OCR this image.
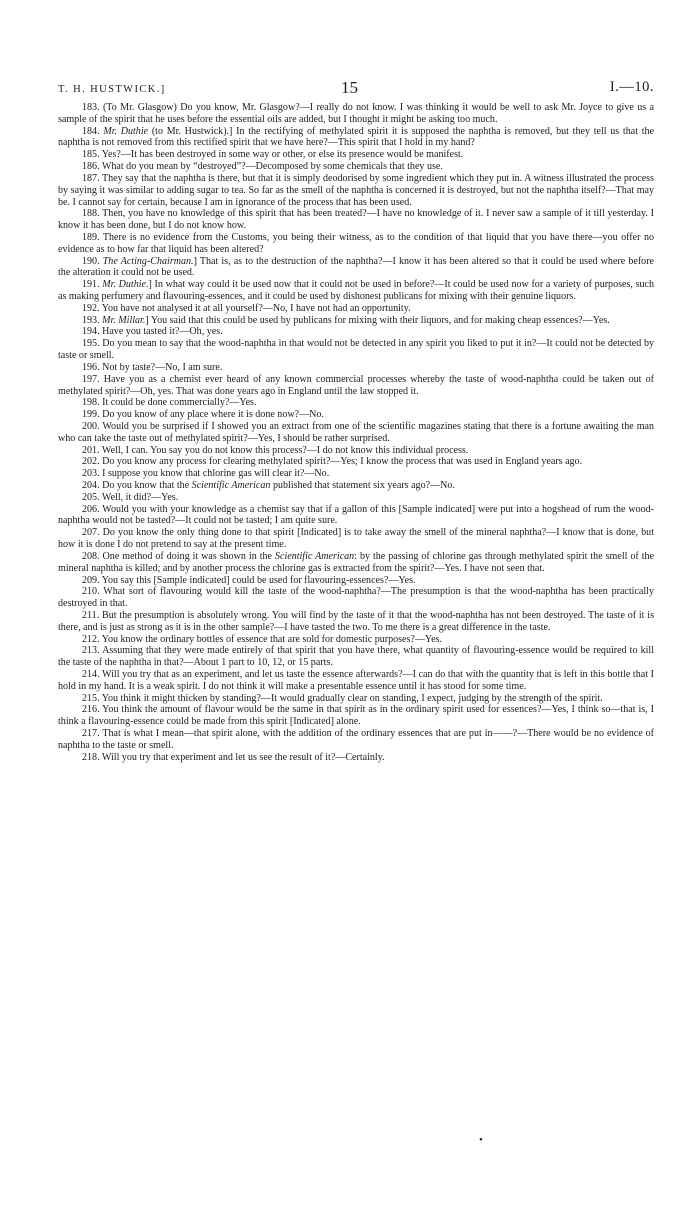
T. H. HUSTWICK.]	15	I.—10.

183. (To Mr. Glasgow) Do you know, Mr. Glasgow?—I really do not know. I was thinking it would be well to ask Mr. Joyce to give us a sample of the spirit that he uses before the essential oils are added, but I thought it might be asking too much.

184. Mr. Duthie (to Mr. Hustwick).] In the rectifying of methylated spirit it is supposed the naphtha is removed, but they tell us that the naphtha is not removed from this rectified spirit that we have here?—This spirit that I hold in my hand?

185. Yes?—It has been destroyed in some way or other, or else its presence would be manifest.

186. What do you mean by “destroyed”?—Decomposed by some chemicals that they use.

187. They say that the naphtha is there, but that it is simply deodorised by some ingredient which they put in. A witness illustrated the process by saying it was similar to adding sugar to tea. So far as the smell of the naphtha is concerned it is destroyed, but not the naphtha itself?—That may be. I cannot say for certain, because I am in ignorance of the process that has been used.

188. Then, you have no knowledge of this spirit that has been treated?—I have no knowledge of it. I never saw a sample of it till yesterday. I know it has been done, but I do not know how.

189. There is no evidence from the Customs, you being their witness, as to the condition of that liquid that you have there—you offer no evidence as to how far that liquid has been altered?

190. The Acting-Chairman.] That is, as to the destruction of the naphtha?—I know it has been altered so that it could be used where before the alteration it could not be used.

191. Mr. Duthie.] In what way could it be used now that it could not be used in before?—It could be used now for a variety of purposes, such as making perfumery and flavouring-essences, and it could be used by dishonest publicans for mixing with their genuine liquors.

192. You have not analysed it at all yourself?—No, I have not had an opportunity.

193. Mr. Millar.] You said that this could be used by publicans for mixing with their liquors, and for making cheap essences?—Yes.

194. Have you tasted it?—Oh, yes.

195. Do you mean to say that the wood-naphtha in that would not be detected in any spirit you liked to put it in?—It could not be detected by taste or smell.

196. Not by taste?—No, I am sure.

197. Have you as a chemist ever heard of any known commercial processes whereby the taste of wood-naphtha could be taken out of methylated spirit?—Oh, yes. That was done years ago in England until the law stopped it.

198. It could be done commercially?—Yes.

199. Do you know of any place where it is done now?—No.

200. Would you be surprised if I showed you an extract from one of the scientific magazines stating that there is a fortune awaiting the man who can take the taste out of methylated spirit?—Yes, I should be rather surprised.

201. Well, I can. You say you do not know this process?—I do not know this individual process.

202. Do you know any process for clearing methylated spirit?—Yes; I know the process that was used in England years ago.

203. I suppose you know that chlorine gas will clear it?—No.

204. Do you know that the Scientific American published that statement six years ago?—No.

205. Well, it did?—Yes.

206. Would you with your knowledge as a chemist say that if a gallon of this [Sample indicated] were put into a hogshead of rum the wood-naphtha would not be tasted?—It could not be tasted; I am quite sure.

207. Do you know the only thing done to that spirit [Indicated] is to take away the smell of the mineral naphtha?—I know that is done, but how it is done I do not pretend to say at the present time.

208. One method of doing it was shown in the Scientific American: by the passing of chlorine gas through methylated spirit the smell of the mineral naphtha is killed; and by another process the chlorine gas is extracted from the spirit?—Yes. I have not seen that.

209. You say this [Sample indicated] could be used for flavouring-essences?—Yes.

210. What sort of flavouring would kill the taste of the wood-naphtha?—The presumption is that the wood-naphtha has been practically destroyed in that.

211. But the presumption is absolutely wrong. You will find by the taste of it that the wood-naphtha has not been destroyed. The taste of it is there, and is just as strong as it is in the other sample?—I have tasted the two. To me there is a great difference in the taste.

212. You know the ordinary bottles of essence that are sold for domestic purposes?—Yes.

213. Assuming that they were made entirely of that spirit that you have there, what quantity of flavouring-essence would be required to kill the taste of the naphtha in that?—About 1 part to 10, 12, or 15 parts.

214. Will you try that as an experiment, and let us taste the essence afterwards?—I can do that with the quantity that is left in this bottle that I hold in my hand. It is a weak spirit. I do not think it will make a presentable essence until it has stood for some time.

215. You think it might thicken by standing?—It would gradually clear on standing, I expect, judging by the strength of the spirit.

216. You think the amount of flavour would be the same in that spirit as in the ordinary spirit used for essences?—Yes, I think so—that is, I think a flavouring-essence could be made from this spirit [Indicated] alone.

217. That is what I mean—that spirit alone, with the addition of the ordinary essences that are put in——?—There would be no evidence of naphtha to the taste or smell.

218. Will you try that experiment and let us see the result of it?—Certainly.

•
